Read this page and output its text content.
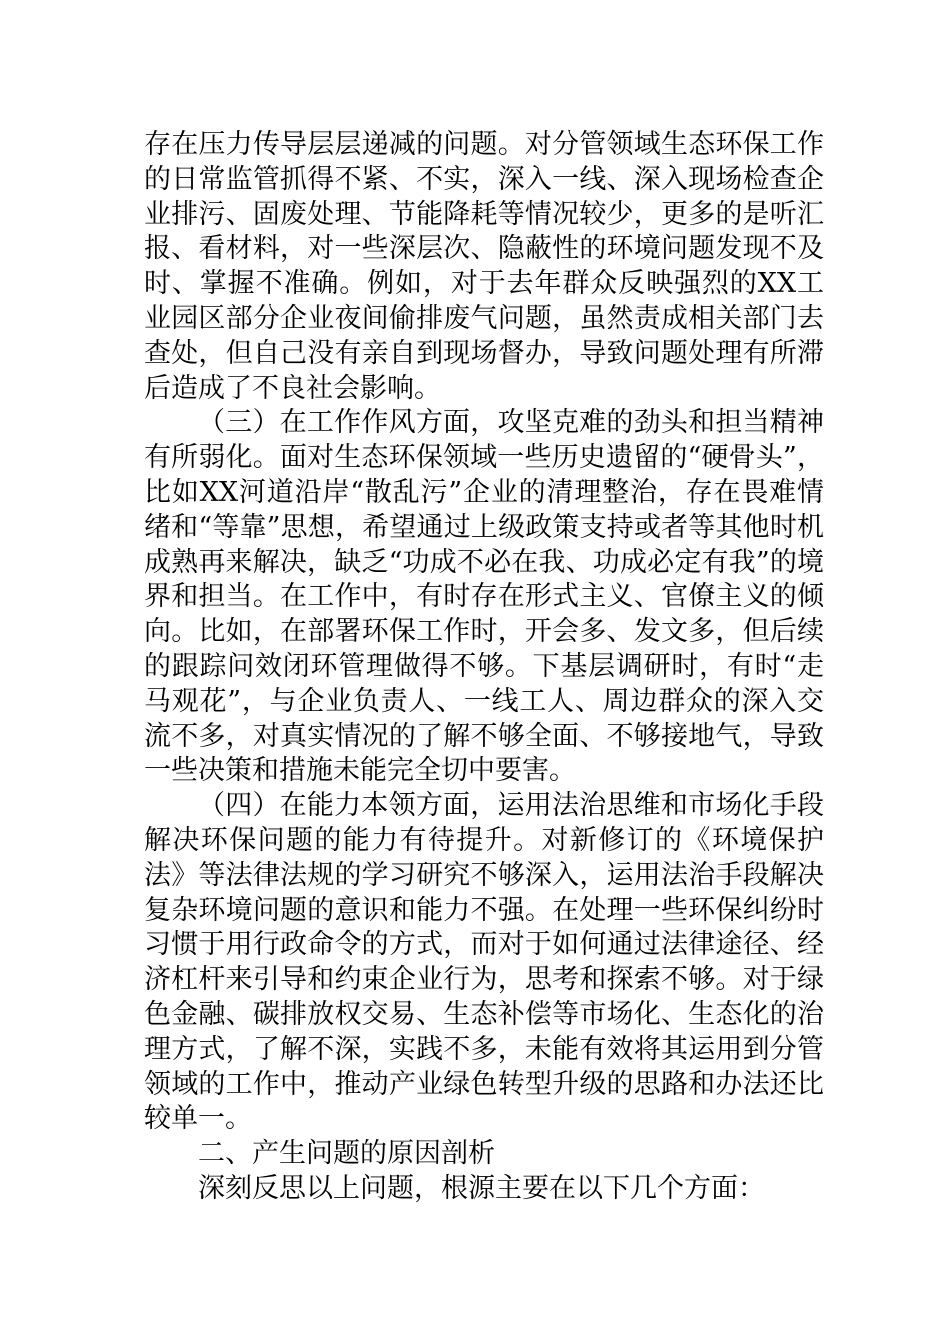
存在压力传导层层递减的问题。对分管领域生态环保工作的日常监管抓得不紧、不实，深入一线、深入现场检查企业排污、固废处理、节能降耗等情况较少，更多的是听汇报、看材料，对一些深层次、隐蔽性的环境问题发现不及时、掌握不准确。例如，对于去年群众反映强烈的XX工业园区部分企业夜间偷排废气问题，虽然责成相关部门去查处，但自己没有亲自到现场督办，导致问题处理有所滞后造成了不良社会影响。

（三）在工作作风方面，攻坚克难的劲头和担当精神有所弱化。面对生态环保领域一些历史遗留的“硬骨头”，比如XX河道沿岸“散乱污”企业的清理整治，存在畏难情绪和“等靠”思想，希望通过上级政策支持或者等其他时机成熟再来解决，缺乏“功成不必在我、功成必定有我”的境界和担当。在工作中，有时存在形式主义、官僚主义的倾向。比如，在部署环保工作时，开会多、发文多，但后续的跟踪问效闭环管理做得不够。下基层调研时，有时“走马观花”，与企业负责人、一线工人、周边群众的深入交流不多，对真实情况的了解不够全面、不够接地气，导致一些决策和措施未能完全切中要害。

（四）在能力本领方面，运用法治思维和市场化手段解决环保问题的能力有待提升。对新修订的《环境保护法》等法律法规的学习研究不够深入，运用法治手段解决复杂环境问题的意识和能力不强。在处理一些环保纠纷时习惯于用行政命令的方式，而对于如何通过法律途径、经济杠杆来引导和约束企业行为，思考和探索不够。对于绿色金融、碳排放权交易、生态补偿等市场化、生态化的治理方式，了解不深，实践不多，未能有效将其运用到分管领域的工作中，推动产业绿色转型升级的思路和办法还比较单一。

二、产生问题的原因剖析

深刻反思以上问题，根源主要在以下几个方面：
